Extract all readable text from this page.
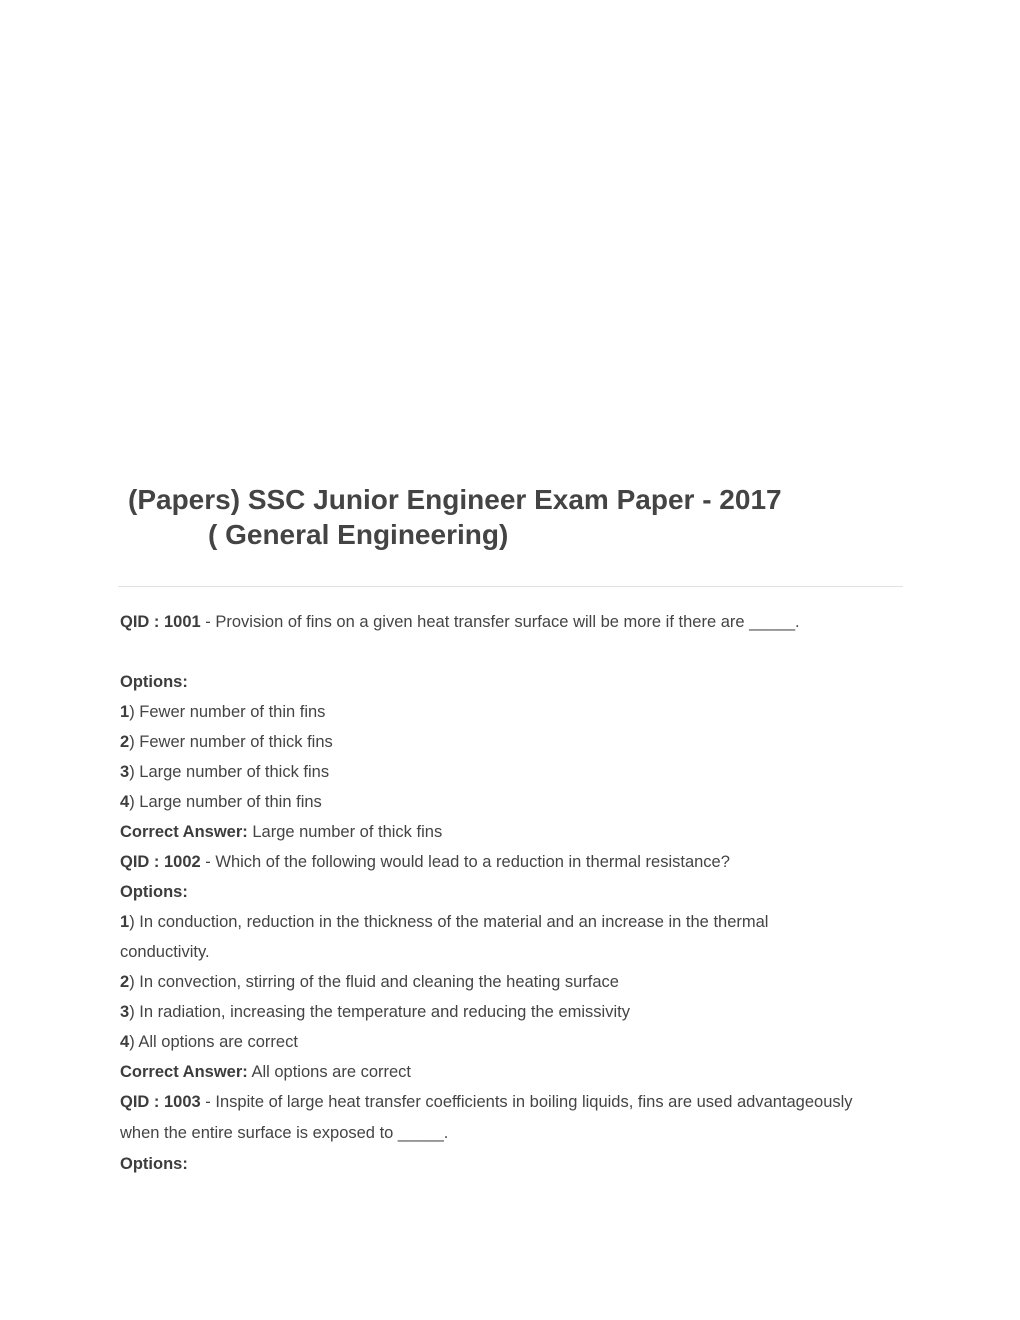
(Papers) SSC Junior Engineer Exam Paper - 2017
( General Engineering)

QID : 1001 - Provision of fins on a given heat transfer surface will be more if there are _____.

Options:

1) Fewer number of thin fins

2) Fewer number of thick fins

3) Large number of thick fins

4) Large number of thin fins

Correct Answer: Large number of thick fins

QID : 1002 - Which of the following would lead to a reduction in thermal resistance?

Options:

1) In conduction, reduction in the thickness of the material and an increase in the thermal conductivity.

2) In convection, stirring of the fluid and cleaning the heating surface

3) In radiation, increasing the temperature and reducing the emissivity

4) All options are correct

Correct Answer: All options are correct

QID : 1003 - Inspite of large heat transfer coefficients in boiling liquids, fins are used advantageously when the entire surface is exposed to _____.

Options:
